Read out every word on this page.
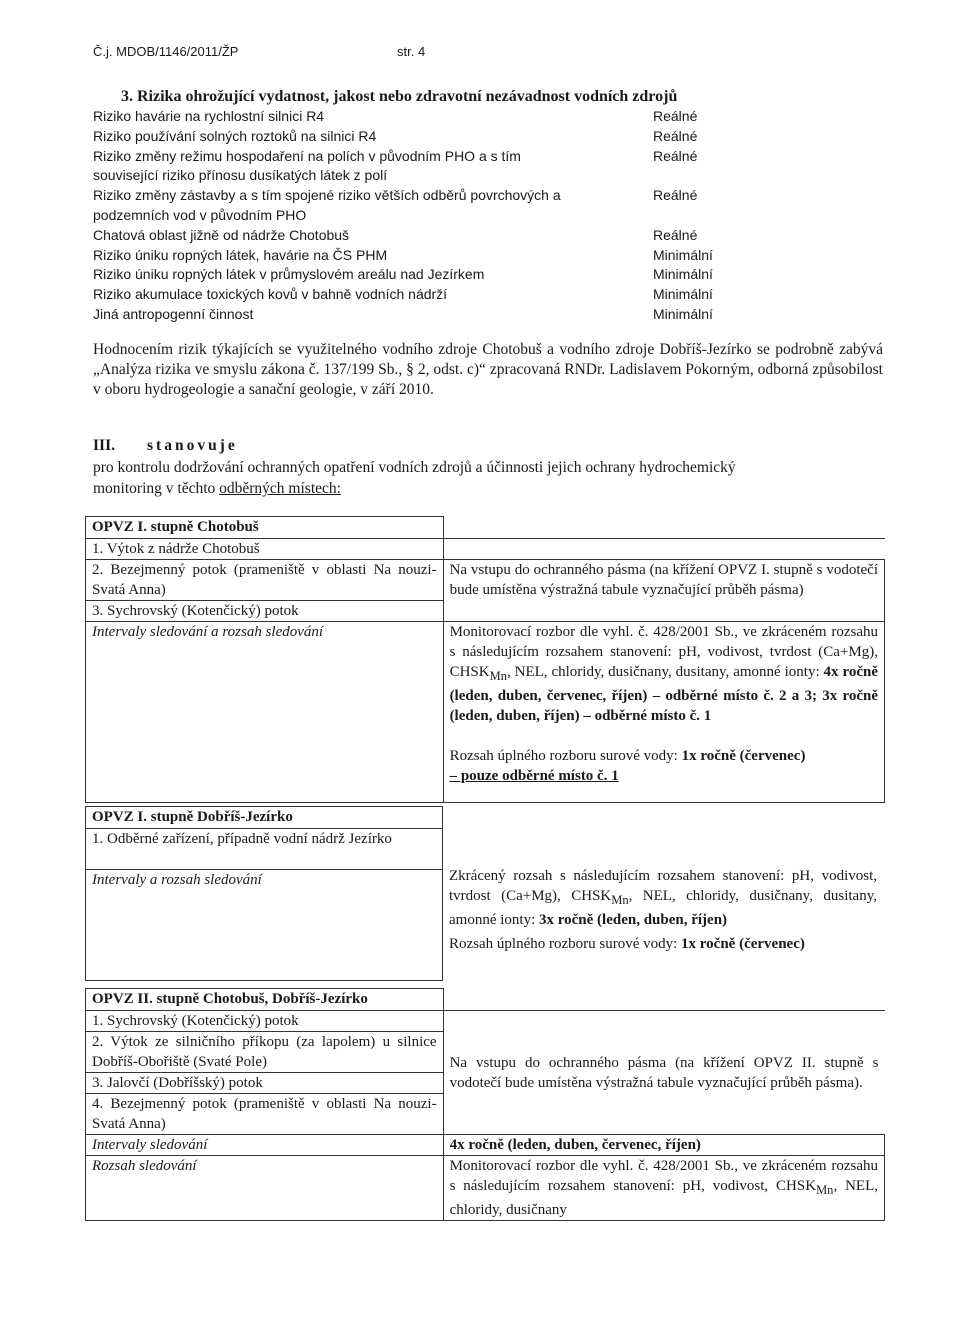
Č.j. MDOB/1146/2011/ŽP	str. 4
3. Rizika ohrožující vydatnost, jakost nebo zdravotní nezávadnost vodních zdrojů
Riziko havárie na rychlostní silnici R4	Reálné
Riziko používání solných roztoků na silnici R4	Reálné
Riziko změny režimu hospodaření na polích v původním PHO a s tím
související riziko přínosu dusíkatých látek z polí
Reálné
Riziko změny zástavby a s tím spojené riziko větších odběrů povrchových a
podzemních vod v původním PHO
Reálné
Chatová oblast jižně od nádrže Chotobuš	Reálné
Riziko úniku ropných látek, havárie na ČS PHM	Minimální
Riziko úniku ropných látek v průmyslovém areálu nad Jezírkem	Minimální
Riziko akumulace toxických kovů v bahně vodních nádrží	Minimální
Jiná antropogenní činnost	Minimální
Hodnocením rizik týkajících se využitelného vodního zdroje Chotobuš a vodního zdroje Dobříš-Jezírko se podrobně zabývá „Analýza rizika ve smyslu zákona č. 137/199 Sb., § 2, odst. c)“ zpracovaná RNDr. Ladislavem Pokorným, odborná způsobilost v oboru hydrogeologie a sanační geologie, v září 2010.
III. stanovuje
pro kontrolu dodržování ochranných opatření vodních zdrojů a účinnosti jejich ochrany hydrochemický
monitoring v těchto odběrných místech:
OPVZ I. stupně Chotobuš	
1. Výtok z nádrže Chotobuš	
2. Bezejmenný potok (prameniště v oblasti Na nouzi-Svatá Anna)	Na vstupu do ochranného pásma (na křížení OPVZ I. stupně s vodotečí bude umístěna výstražná tabule vyznačující průběh pásma)
3. Sychrovský (Kotenčický) potok	
Intervaly sledování a rozsah sledování	Monitorovací rozbor dle vyhl. č. 428/2001 Sb., ve zkráceném rozsahu s následujícím rozsahem stanovení: pH, vodivost, tvrdost (Ca+Mg), $CHSK_{Mn}$, NEL, chloridy, dusičnany, dusitany, amonné ionty: 4x ročně (leden, duben, červenec, říjen) – odběrné místo č. 2 a 3; 3x ročně (leden, duben, říjen) – odběrné místo č. 1
Rozsah úplného rozboru surové vody: 1x ročně (červenec)
– pouze odběrné místo č. 1
OPVZ I. stupně Dobříš-Jezírko
1. Odběrné zařízení, případně vodní nádrž Jezírko
Intervaly a rozsah sledování	Zkrácený rozsah s následujícím rozsahem stanovení: pH, vodivost, tvrdost (Ca+Mg), $CHSK_{Mn}$, NEL, chloridy, dusičnany, dusitany, amonné ionty: 3x ročně (leden, duben, říjen)
Rozsah úplného rozboru surové vody: 1x ročně (červenec)
OPVZ II. stupně Chotobuš, Dobříš-Jezírko	
1. Sychrovský (Kotenčický) potok	Na vstupu do ochranného pásma (na křížení OPVZ II. stupně s vodotečí bude umístěna výstražná tabule vyznačující průběh pásma).
2. Výtok ze silničního příkopu (za lapolem) u silnice Dobříš-Obořiště (Svaté Pole)	
3. Jalovčí (Dobříšský) potok	
4. Bezejmenný potok (prameniště v oblasti Na nouzi-Svatá Anna)	
Intervaly sledování	4x ročně (leden, duben, červenec, říjen)
Rozsah sledování	Monitorovací rozbor dle vyhl. č. 428/2001 Sb., ve zkráceném rozsahu s následujícím rozsahem stanovení: pH, vodivost, $CHSK_{Mn}$, NEL, chloridy, dusičnany
